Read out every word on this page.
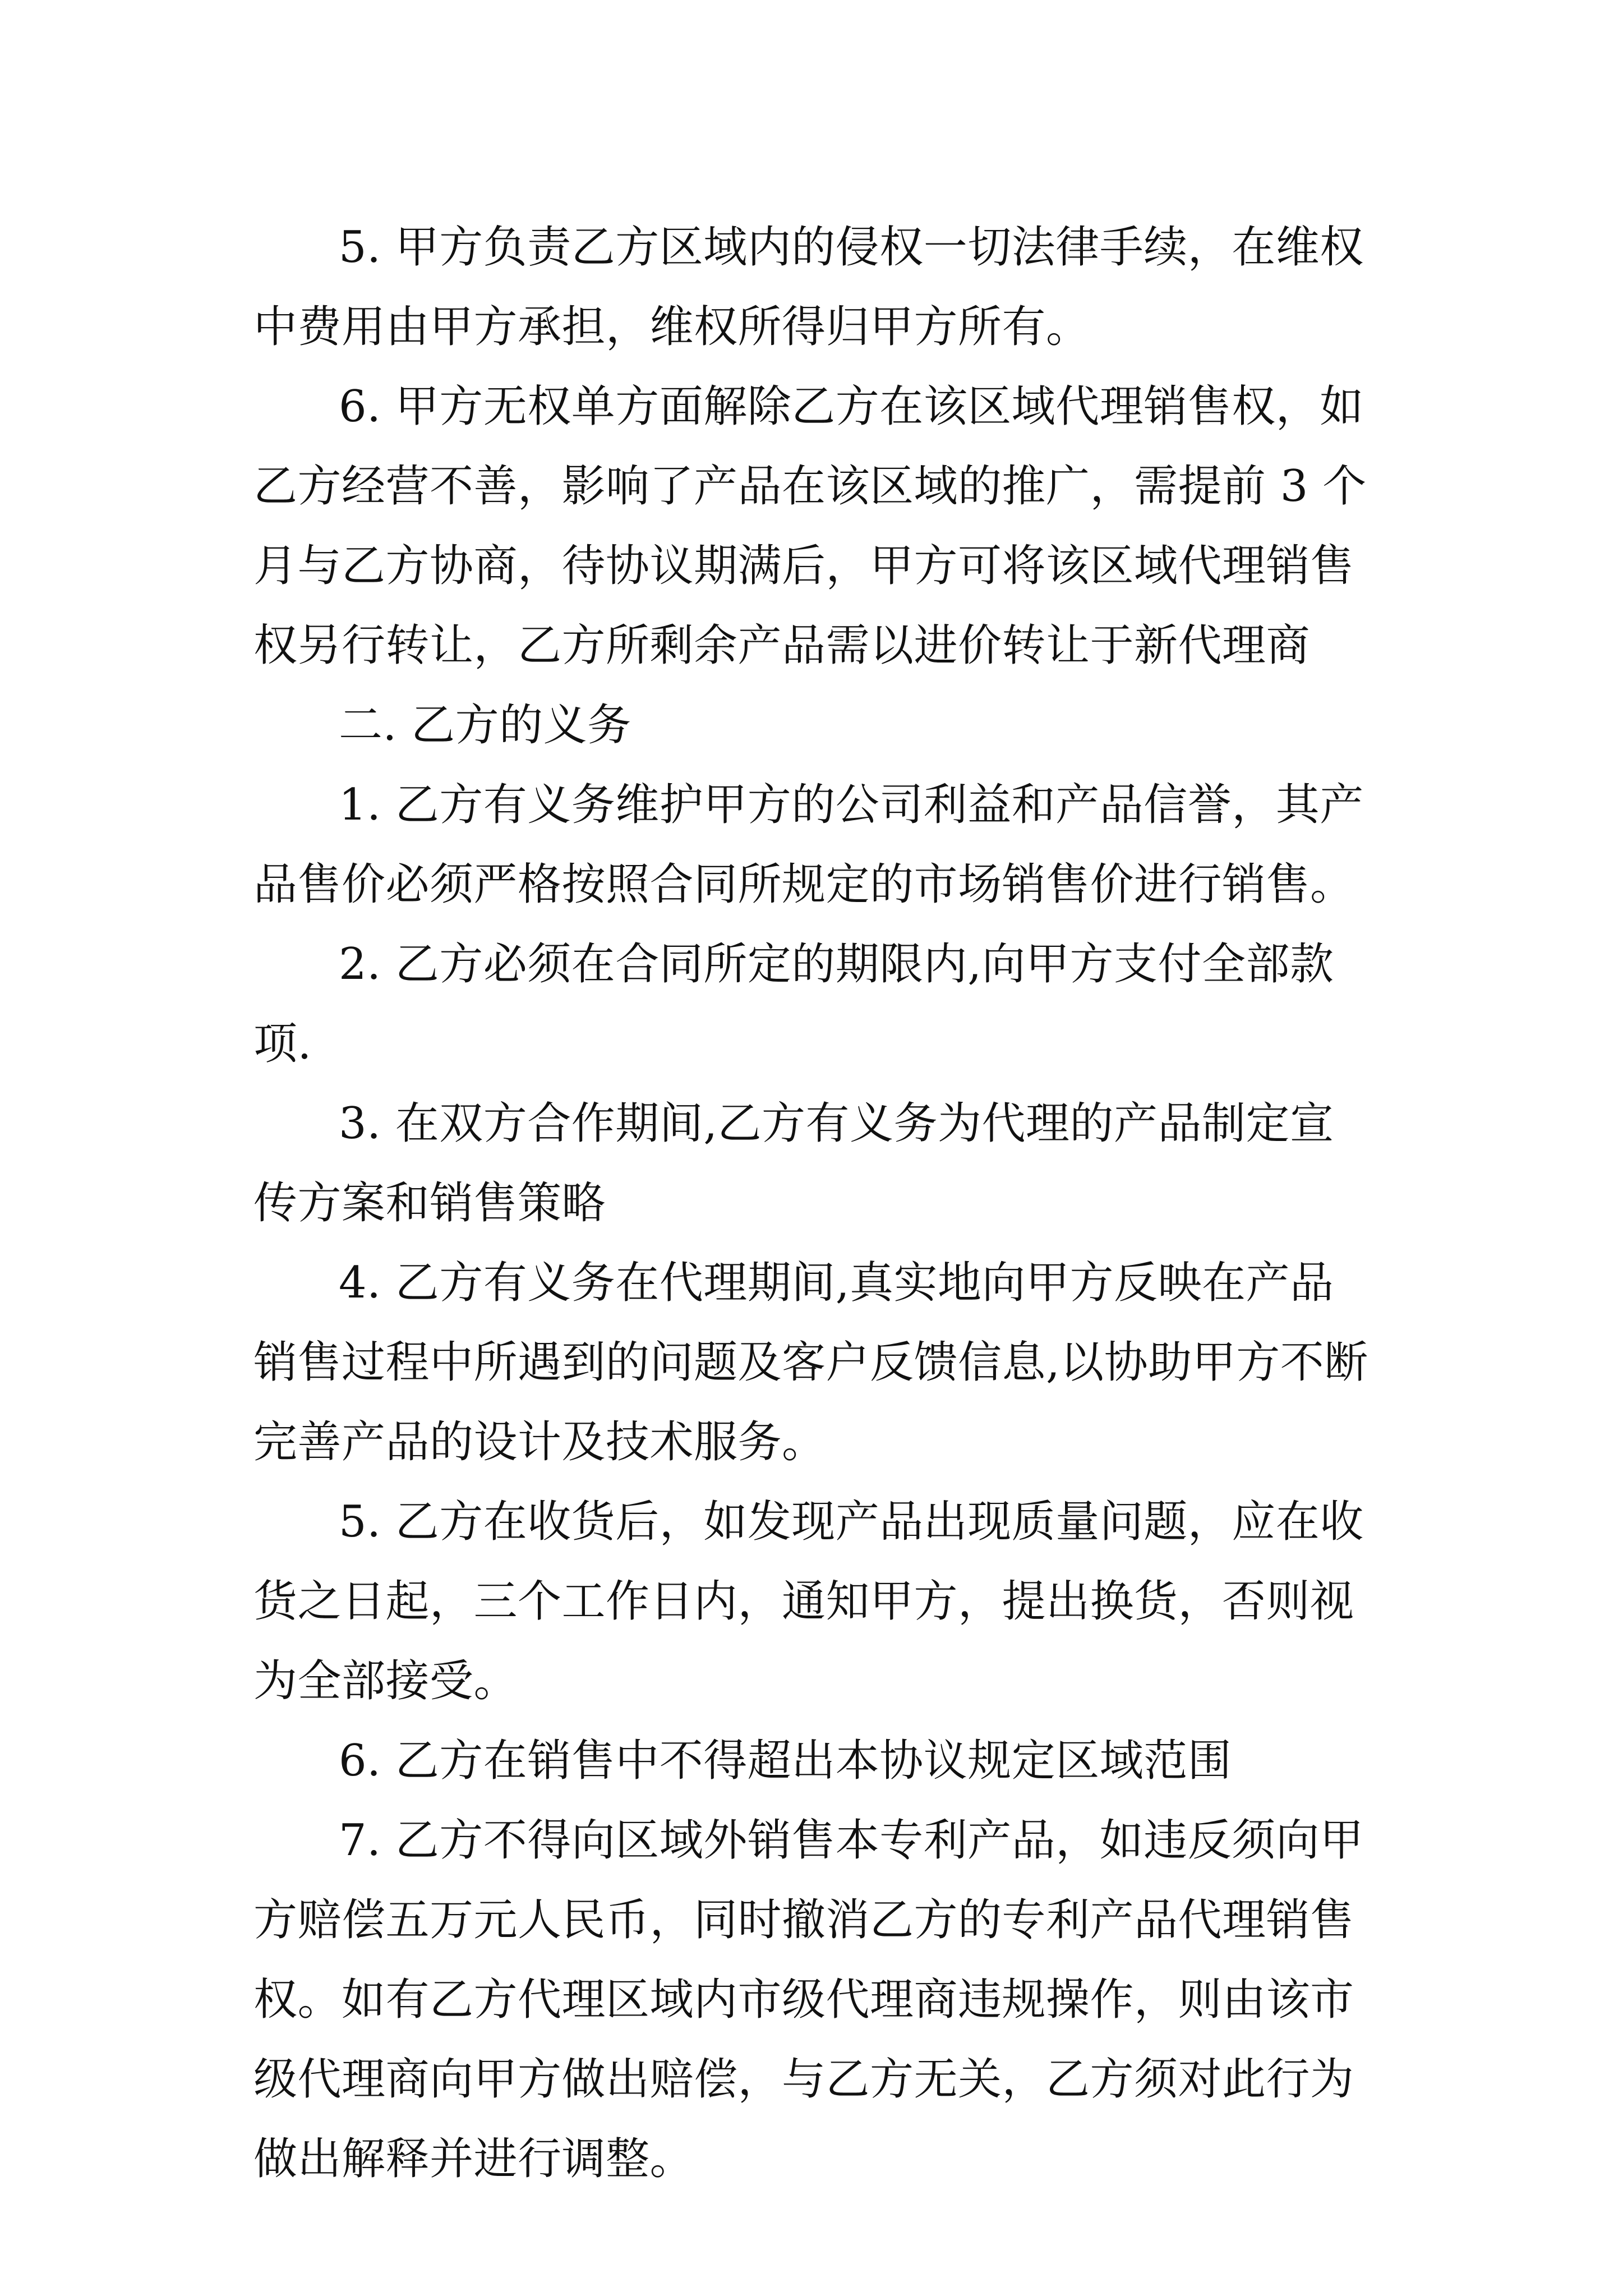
5. 甲方负责乙方区域内的侵权一切法律手续，在维权中费用由甲方承担，维权所得归甲方所有。

6. 甲方无权单方面解除乙方在该区域代理销售权，如乙方经营不善，影响了产品在该区域的推广，需提前 3 个月与乙方协商，待协议期满后，甲方可将该区域代理销售权另行转让，乙方所剩余产品需以进价转让于新代理商

二. 乙方的义务

1. 乙方有义务维护甲方的公司利益和产品信誉，其产品售价必须严格按照合同所规定的市场销售价进行销售。

2. 乙方必须在合同所定的期限内,向甲方支付全部款项.

3. 在双方合作期间,乙方有义务为代理的产品制定宣传方案和销售策略

4. 乙方有义务在代理期间,真实地向甲方反映在产品销售过程中所遇到的问题及客户反馈信息,以协助甲方不断完善产品的设计及技术服务。

5. 乙方在收货后，如发现产品出现质量问题，应在收货之日起，三个工作日内，通知甲方，提出换货，否则视为全部接受。

6. 乙方在销售中不得超出本协议规定区域范围

7. 乙方不得向区域外销售本专利产品，如违反须向甲方赔偿五万元人民币，同时撤消乙方的专利产品代理销售权。如有乙方代理区域内市级代理商违规操作，则由该市级代理商向甲方做出赔偿，与乙方无关，乙方须对此行为做出解释并进行调整。
